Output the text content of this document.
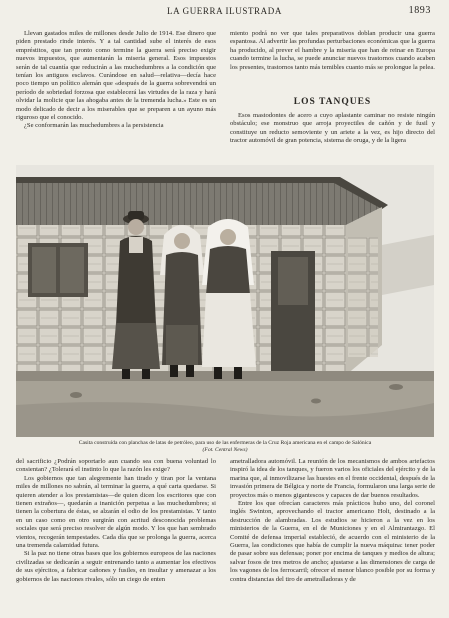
LA GUERRA ILUSTRADA	1893

Llevan gastados miles de millones desde Julio de 1914. Ese dinero que piden prestado rinde interés. Y a tal cantidad sube el interés de esos empréstitos, que tan pronto como termine la guerra será preciso exigir nuevos impuestos, que aumentarán la miseria general. Esos impuestos serán de tal cuantía que reducirán a las muchedumbres a la condición que tenían los antiguos esclavos. Curándose en salud—relativa—decía hace poco tiempo un político alemán que «después de la guerra sobrevendrá un período de sobriedad forzosa que establecerá las virtudes de la raza y hará olvidar la molicie que las ahogaba antes de la tremenda lucha.» Este es un modo delicado de decir a los miserables que se preparen a un ayuno más riguroso que el conocido.

¿Se conformarán las muchedumbres a la persistencia

miento podrá no ver que tales preparativos doblan producir una guerra espantosa. Al advertir las profundas perturbaciones económicas que la guerra ha producido, al prever el hambre y la miseria que han de reinar en Europa cuando termine la lucha, se puede anunciar nuevos trastornos cuando acaben los presentes, trastornos tanto más temibles cuanto más se prolongue la pelea.

LOS TANQUES

Esos mastodontes de acero a cuyo aplastante caminar no resiste ningún obstáculo; ese monstruo que arroja proyectiles de cañón y de fusil y constituye un reducto semoviente y un ariete a la vez, es hijo directo del tractor automóvil de gran potencia, sistema de oruga, y de la ligera

Casita construída con planchas de latas de petróleo, para uso de las enfermeras de la Cruz Roja americana en el campo de Salónica
(Fot. Central News)

del sacrificio ¿Podrán soportarlo aun cuando sea con buena voluntad lo consientan? ¿Tolerará el instinto lo que la razón les exige?

Los gobiernos que tan alegremente han tirado y tiran por la ventana miles de millones no sabrán, al terminar la guerra, a qué carta quedarse. Si quieren atender a los prestamistas—de quien dicen los escritores que con tienen extraños—, quedarán a inanición perpetua a las muchedumbres; si tienen la cobertura de éstas, se alzarán el odio de los prestamistas. Y tanto en un caso como en otro surgirán con acritud desconocida problemas sociales que será preciso resolver de algún modo. Y los que han sembrado vientos, recogerán tempestades. Cada día que se prolonga la guerra, acerca una tremenda calamidad futura.

Si la paz no tiene otras bases que los gobiernos europeos de las naciones civilizadas se dedicarán a seguir entrenando tanto a aumentar los efectivos de sus ejércitos, a fabricar cañones y fusiles, en insultar y amenazar a los gobiernos de las naciones rivales, sólo un ciego de enten

ametralladora automóvil. La reunión de los mecanismos de ambos artefactos inspiró la idea de los tanques, y fueron varios los oficiales del ejército y de la marina que, al inmovilizarse las huestes en el frente occidental, después de la invasión primera de Bélgica y norte de Francia, formularon una larga serie de proyectos más o menos gigantescos y capaces de dar buenos resultados.

Entre los que ofrecían caracteres más prácticos hubo uno, del coronel inglés Swinton, aprovechando el tractor americano Holt, destinado a la destrucción de alambradas. Los estudios se hicieron a la vez en los ministerios de la Guerra, en el de Municiones y en el Almirantazgo. El Comité de defensa imperial estableció, de acuerdo con el ministerio de la Guerra, las condiciones que había de cumplir la nueva máquina: tener poder de pasar sobre sus defensas; poner por encima de tanques y medios de altura; salvar fosos de tres metros de ancho; ajustarse a las dimensiones de carga de los vagones de los ferrocarril; ofrecer el menor blanco posible por su forma y contra distancias del tiro de ametralladoras y de
